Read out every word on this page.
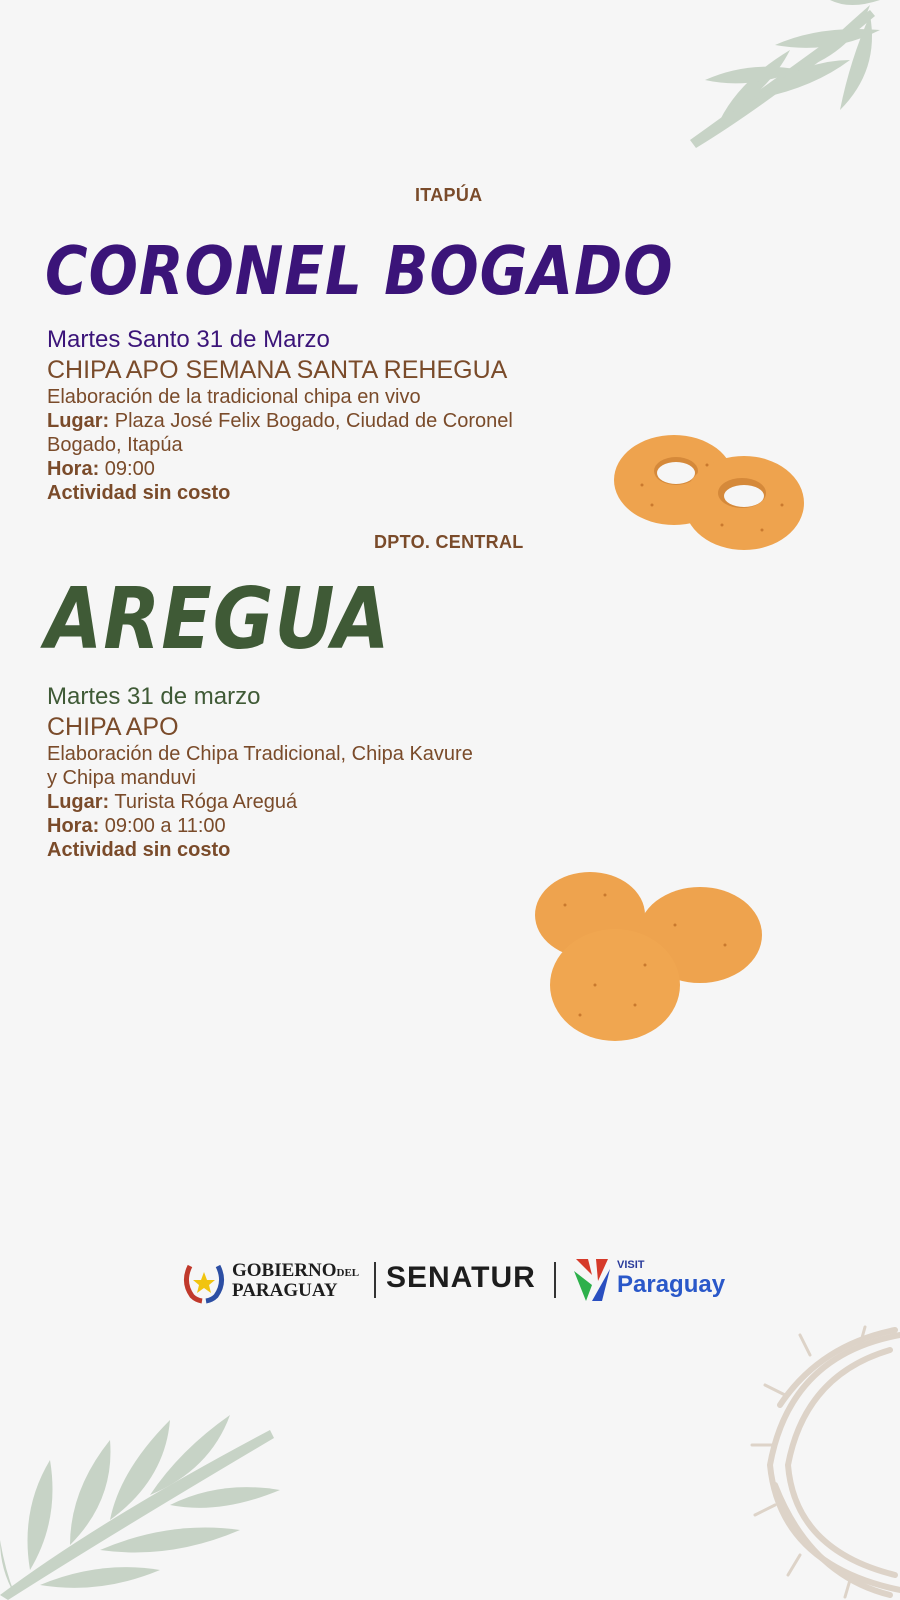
ITAPÚA
CORONEL BOGADO
Martes Santo 31 de Marzo
CHIPA APO SEMANA SANTA REHEGUA
Elaboración de la tradicional chipa en vivo
Lugar: Plaza José Felix Bogado, Ciudad de Coronel
Bogado, Itapúa
Hora: 09:00
Actividad sin costo
DPTO. CENTRAL
AREGUA
Martes 31 de marzo
CHIPA APO
Elaboración de Chipa Tradicional, Chipa Kavure
y Chipa manduvi
Lugar: Turista Róga Areguá
Hora: 09:00 a 11:00
Actividad sin costo
GOBIERNODEL
PARAGUAY	SENATUR	VISIT
Paraguay
